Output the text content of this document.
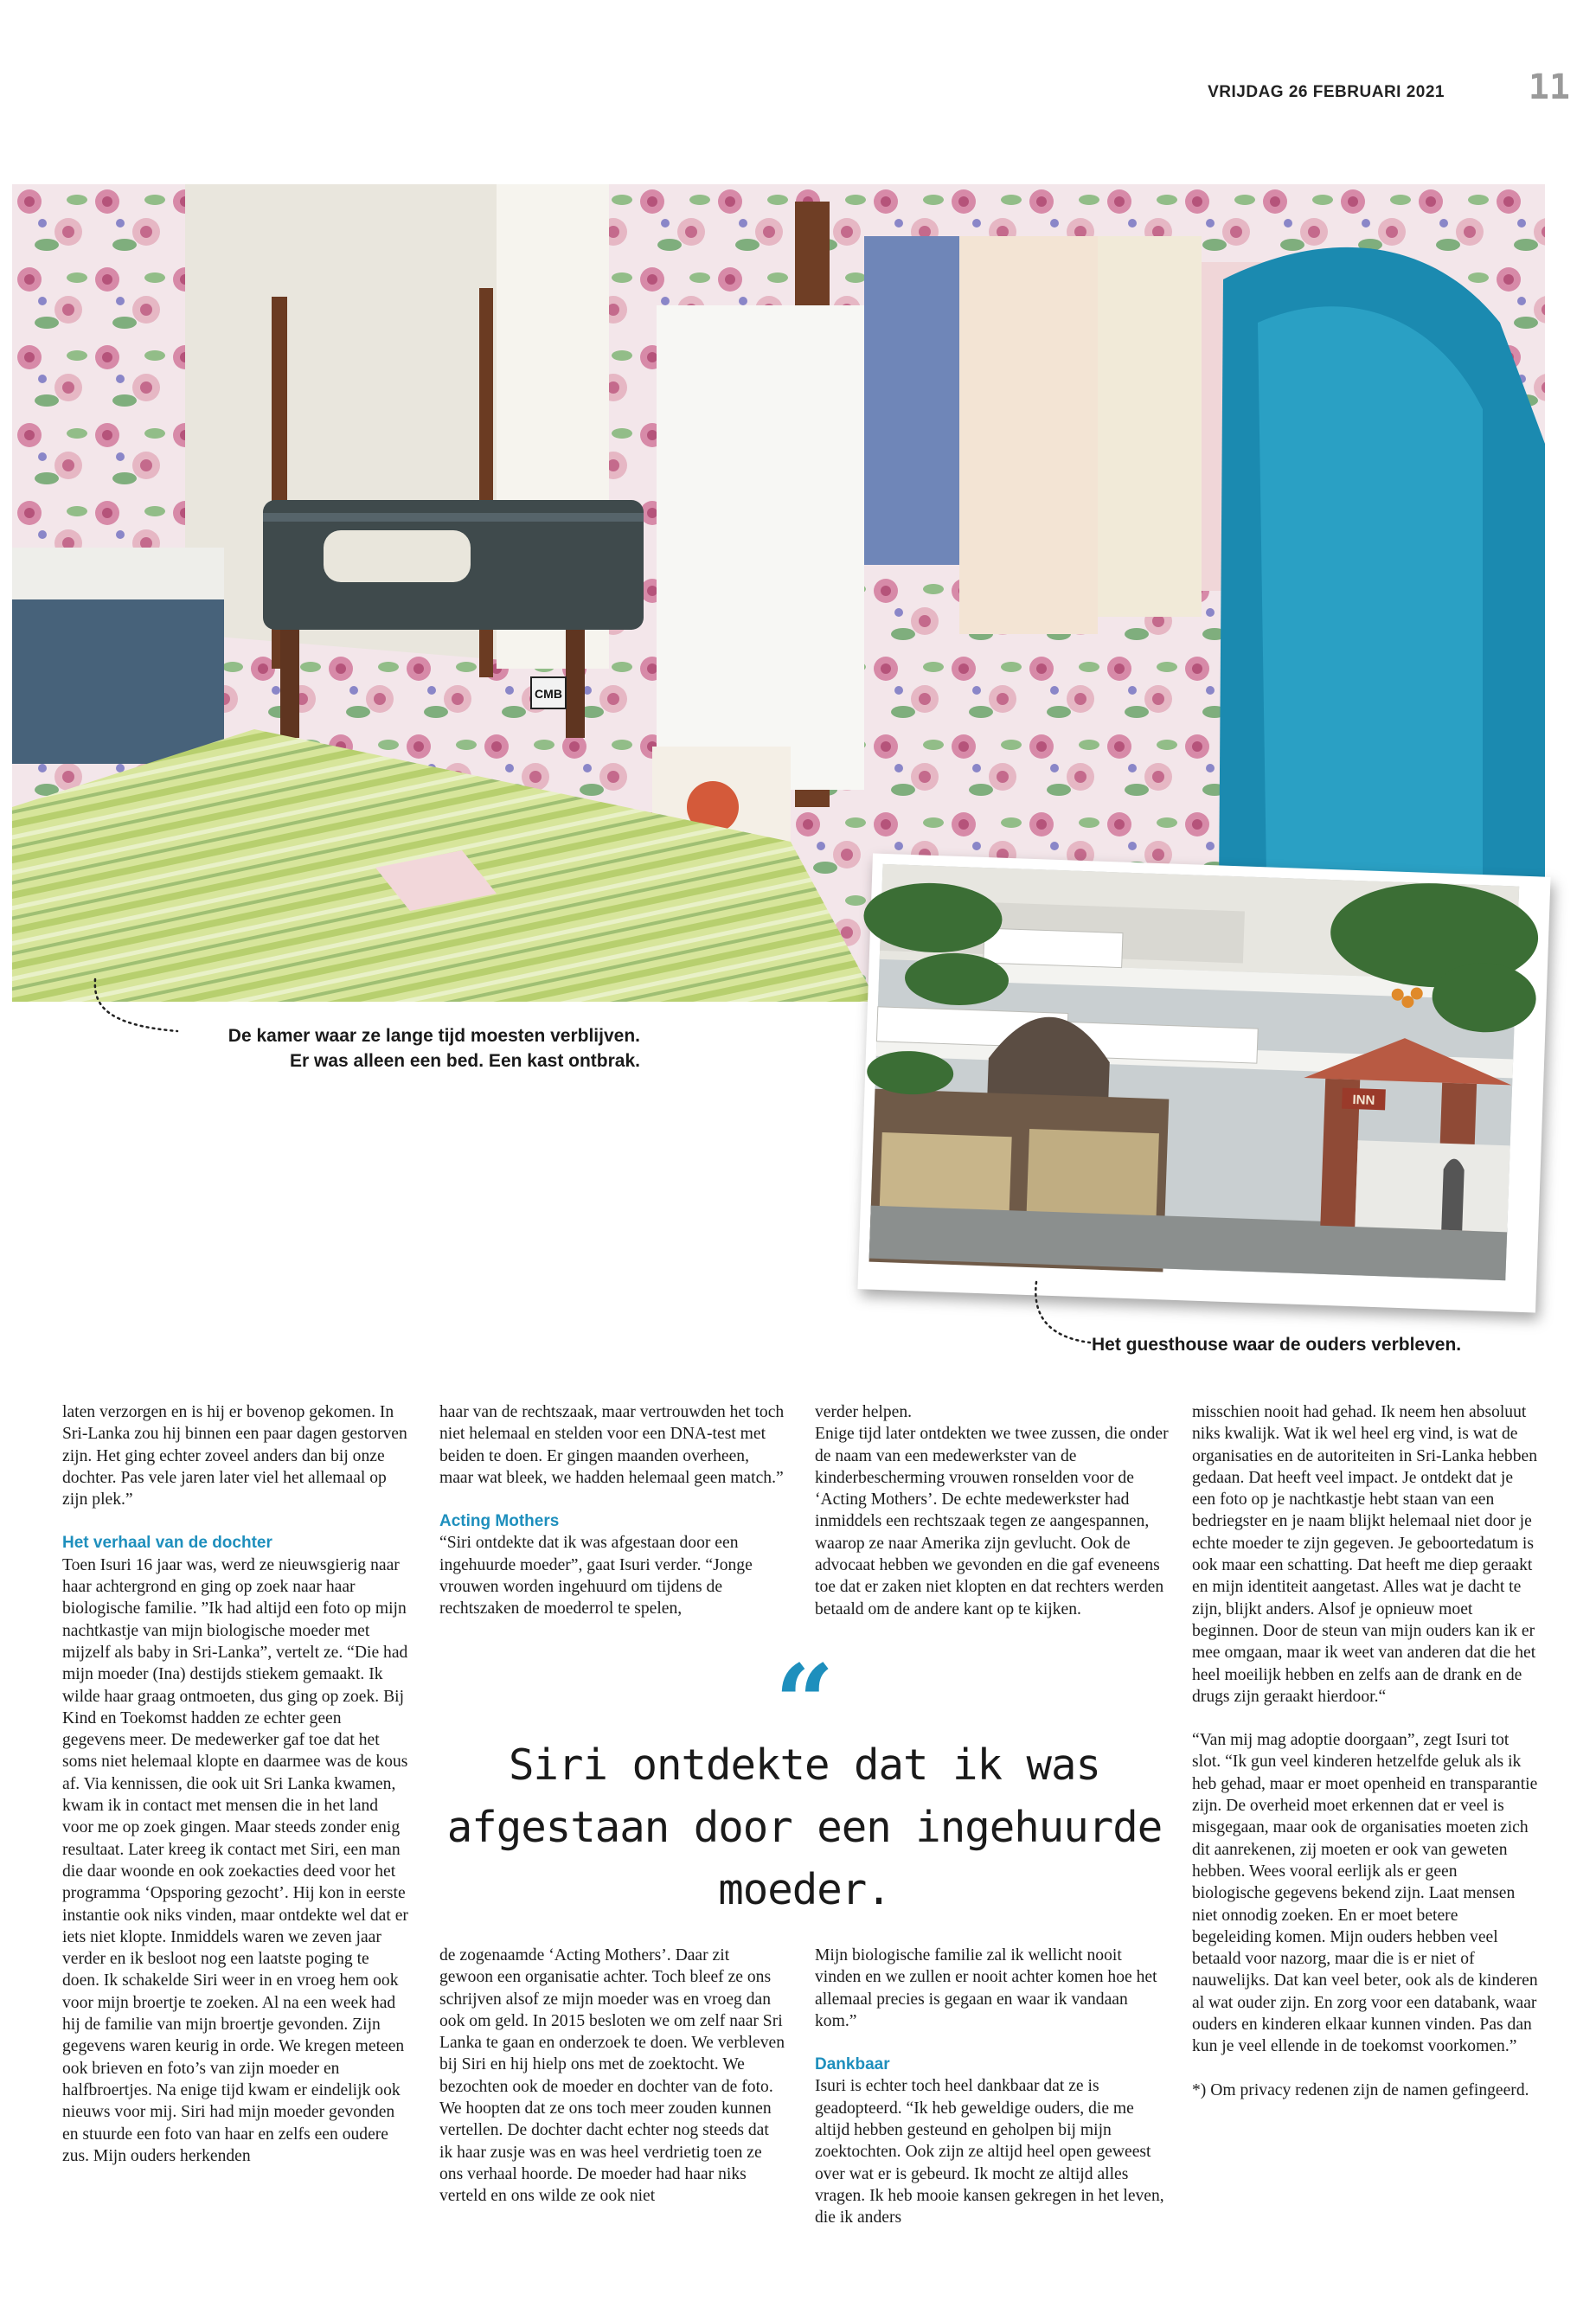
VRIJDAG 26 FEBRUARI 2021 11
CMB
INN
De kamer waar ze lange tijd moesten verblijven.
Er was alleen een bed. Een kast ontbrak.
Het guesthouse waar de ouders verbleven.

laten verzorgen en is hij er bovenop gekomen. In Sri-Lanka zou hij binnen een paar dagen gestorven zijn. Het ging echter zoveel anders dan bij onze dochter. Pas vele jaren later viel het allemaal op zijn plek.”

Het verhaal van de dochter

Toen Isuri 16 jaar was, werd ze nieuwsgierig naar haar achtergrond en ging op zoek naar haar biologische familie. ”Ik had altijd een foto op mijn nachtkastje van mijn biologische moeder met mijzelf als baby in Sri-Lanka”, vertelt ze. “Die had mijn moeder (Ina) destijds stiekem gemaakt. Ik wilde haar graag ontmoeten, dus ging op zoek. Bij Kind en Toekomst hadden ze echter geen gegevens meer. De medewerker gaf toe dat het soms niet helemaal klopte en daarmee was de kous af. Via kennissen, die ook uit Sri Lanka kwamen, kwam ik in contact met mensen die in het land voor me op zoek gingen. Maar steeds zonder enig resultaat. Later kreeg ik contact met Siri, een man die daar woonde en ook zoekacties deed voor het programma ‘Opsporing gezocht’. Hij kon in eerste instantie ook niks vinden, maar ontdekte wel dat er iets niet klopte. Inmiddels waren we zeven jaar verder en ik besloot nog een laatste poging te doen. Ik schakelde Siri weer in en vroeg hem ook voor mijn broertje te zoeken. Al na een week had hij de familie van mijn broertje gevonden. Zijn gegevens waren keurig in orde. We kregen meteen ook brieven en foto’s van zijn moeder en halfbroertjes. Na enige tijd kwam er eindelijk ook nieuws voor mij. Siri had mijn moeder gevonden en stuurde een foto van haar en zelfs een oudere zus. Mijn ouders herkenden

haar van de rechtszaak, maar vertrouwden het toch niet helemaal en stelden voor een DNA-test met beiden te doen. Er gingen maanden overheen, maar wat bleek, we hadden helemaal geen match.”

Acting Mothers

“Siri ontdekte dat ik was afgestaan door een ingehuurde moeder”, gaat Isuri verder. “Jonge vrouwen worden ingehuurd om tijdens de rechtszaken de moederrol te spelen,

verder helpen.
Enige tijd later ontdekten we twee zussen, die onder de naam van een medewerkster van de kinderbescherming vrouwen ronselden voor de ‘Acting Mothers’. De echte medewerkster had inmiddels een rechtszaak tegen ze aangespannen, waarop ze naar Amerika zijn gevlucht. Ook de advocaat hebben we gevonden en die gaf eveneens toe dat er zaken niet klopten en dat rechters werden betaald om de andere kant op te kijken.

“
Siri ontdekte dat ik was afgestaan door een ingehuurde moeder.

de zogenaamde ‘Acting Mothers’. Daar zit gewoon een organisatie achter. Toch bleef ze ons schrijven alsof ze mijn moeder was en vroeg dan ook om geld. In 2015 besloten we om zelf naar Sri Lanka te gaan en onderzoek te doen. We verbleven bij Siri en hij hielp ons met de zoektocht. We bezochten ook de moeder en dochter van de foto. We hoopten dat ze ons toch meer zouden kunnen vertellen. De dochter dacht echter nog steeds dat ik haar zusje was en was heel verdrietig toen ze ons verhaal hoorde. De moeder had haar niks verteld en ons wilde ze ook niet

Mijn biologische familie zal ik wellicht nooit vinden en we zullen er nooit achter komen hoe het allemaal precies is gegaan en waar ik vandaan kom.”

Dankbaar

Isuri is echter toch heel dankbaar dat ze is geadopteerd. “Ik heb geweldige ouders, die me altijd hebben gesteund en geholpen bij mijn zoektochten. Ook zijn ze altijd heel open geweest over wat er is gebeurd. Ik mocht ze altijd alles vragen. Ik heb mooie kansen gekregen in het leven, die ik anders

misschien nooit had gehad. Ik neem hen absoluut niks kwalijk. Wat ik wel heel erg vind, is wat de organisaties en de autoriteiten in Sri-Lanka hebben gedaan. Dat heeft veel impact. Je ontdekt dat je een foto op je nachtkastje hebt staan van een bedriegster en je naam blijkt helemaal niet door je echte moeder te zijn gegeven. Je geboortedatum is ook maar een schatting. Dat heeft me diep geraakt en mijn identiteit aangetast. Alles wat je dacht te zijn, blijkt anders. Alsof je opnieuw moet beginnen. Door de steun van mijn ouders kan ik er mee omgaan, maar ik weet van anderen dat die het heel moeilijk hebben en zelfs aan de drank en de drugs zijn geraakt hierdoor.“

“Van mij mag adoptie doorgaan”, zegt Isuri tot slot. “Ik gun veel kinderen hetzelfde geluk als ik heb gehad, maar er moet openheid en transparantie zijn. De overheid moet erkennen dat er veel is misgegaan, maar ook de organisaties moeten zich dit aanrekenen, zij moeten er ook van geweten hebben. Wees vooral eerlijk als er geen biologische gegevens bekend zijn. Laat mensen niet onnodig zoeken. En er moet betere begeleiding komen. Mijn ouders hebben veel betaald voor nazorg, maar die is er niet of nauwelijks. Dat kan veel beter, ook als de kinderen al wat ouder zijn. En zorg voor een databank, waar ouders en kinderen elkaar kunnen vinden. Pas dan kun je veel ellende in de toekomst voorkomen.”

*) Om privacy redenen zijn de namen gefingeerd.
